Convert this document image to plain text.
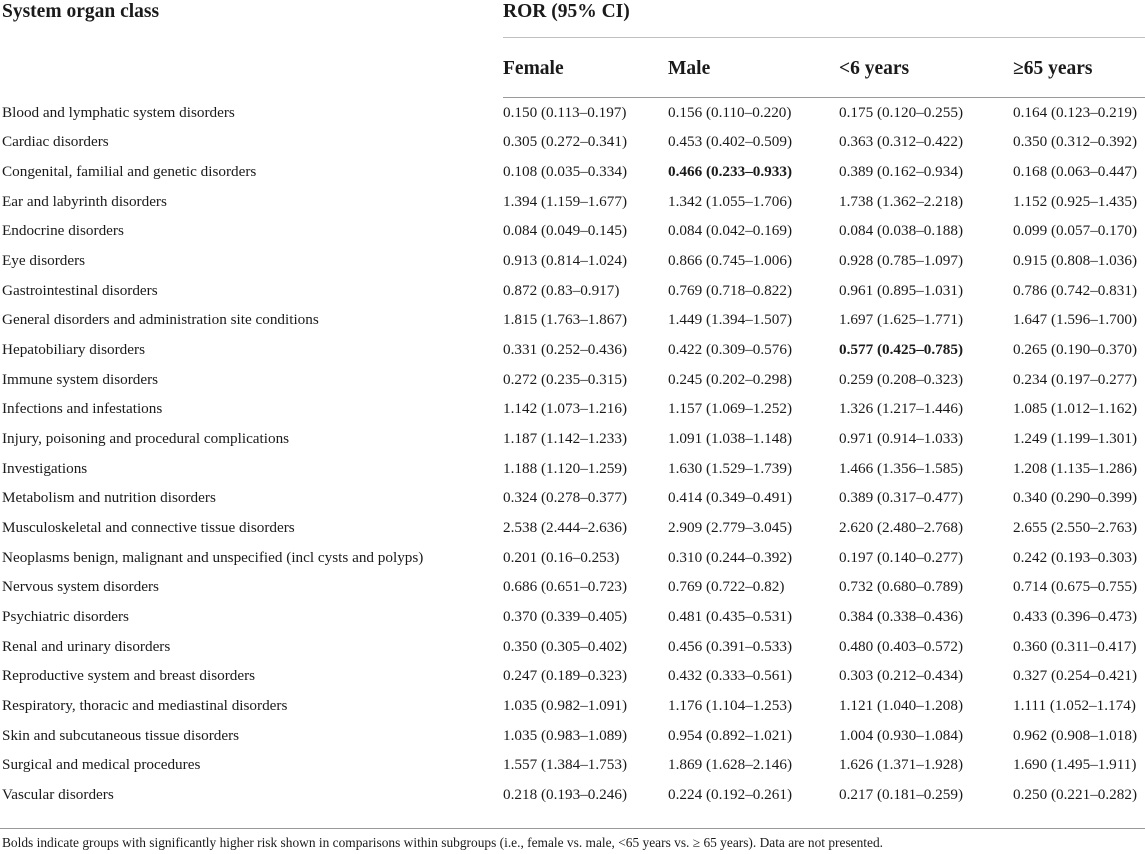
System organ class	ROR (95% CI)			
	Female	Male	<6 years	≥65 years
Blood and lymphatic system disorders	0.150 (0.113–0.197)	0.156 (0.110–0.220)	0.175 (0.120–0.255)	0.164 (0.123–0.219)
Cardiac disorders	0.305 (0.272–0.341)	0.453 (0.402–0.509)	0.363 (0.312–0.422)	0.350 (0.312–0.392)
Congenital, familial and genetic disorders	0.108 (0.035–0.334)	0.466 (0.233–0.933)	0.389 (0.162–0.934)	0.168 (0.063–0.447)
Ear and labyrinth disorders	1.394 (1.159–1.677)	1.342 (1.055–1.706)	1.738 (1.362–2.218)	1.152 (0.925–1.435)
Endocrine disorders	0.084 (0.049–0.145)	0.084 (0.042–0.169)	0.084 (0.038–0.188)	0.099 (0.057–0.170)
Eye disorders	0.913 (0.814–1.024)	0.866 (0.745–1.006)	0.928 (0.785–1.097)	0.915 (0.808–1.036)
Gastrointestinal disorders	0.872 (0.83–0.917)	0.769 (0.718–0.822)	0.961 (0.895–1.031)	0.786 (0.742–0.831)
General disorders and administration site conditions	1.815 (1.763–1.867)	1.449 (1.394–1.507)	1.697 (1.625–1.771)	1.647 (1.596–1.700)
Hepatobiliary disorders	0.331 (0.252–0.436)	0.422 (0.309–0.576)	0.577 (0.425–0.785)	0.265 (0.190–0.370)
Immune system disorders	0.272 (0.235–0.315)	0.245 (0.202–0.298)	0.259 (0.208–0.323)	0.234 (0.197–0.277)
Infections and infestations	1.142 (1.073–1.216)	1.157 (1.069–1.252)	1.326 (1.217–1.446)	1.085 (1.012–1.162)
Injury, poisoning and procedural complications	1.187 (1.142–1.233)	1.091 (1.038–1.148)	0.971 (0.914–1.033)	1.249 (1.199–1.301)
Investigations	1.188 (1.120–1.259)	1.630 (1.529–1.739)	1.466 (1.356–1.585)	1.208 (1.135–1.286)
Metabolism and nutrition disorders	0.324 (0.278–0.377)	0.414 (0.349–0.491)	0.389 (0.317–0.477)	0.340 (0.290–0.399)
Musculoskeletal and connective tissue disorders	2.538 (2.444–2.636)	2.909 (2.779–3.045)	2.620 (2.480–2.768)	2.655 (2.550–2.763)
Neoplasms benign, malignant and unspecified (incl cysts and polyps)	0.201 (0.16–0.253)	0.310 (0.244–0.392)	0.197 (0.140–0.277)	0.242 (0.193–0.303)
Nervous system disorders	0.686 (0.651–0.723)	0.769 (0.722–0.82)	0.732 (0.680–0.789)	0.714 (0.675–0.755)
Psychiatric disorders	0.370 (0.339–0.405)	0.481 (0.435–0.531)	0.384 (0.338–0.436)	0.433 (0.396–0.473)
Renal and urinary disorders	0.350 (0.305–0.402)	0.456 (0.391–0.533)	0.480 (0.403–0.572)	0.360 (0.311–0.417)
Reproductive system and breast disorders	0.247 (0.189–0.323)	0.432 (0.333–0.561)	0.303 (0.212–0.434)	0.327 (0.254–0.421)
Respiratory, thoracic and mediastinal disorders	1.035 (0.982–1.091)	1.176 (1.104–1.253)	1.121 (1.040–1.208)	1.111 (1.052–1.174)
Skin and subcutaneous tissue disorders	1.035 (0.983–1.089)	0.954 (0.892–1.021)	1.004 (0.930–1.084)	0.962 (0.908–1.018)
Surgical and medical procedures	1.557 (1.384–1.753)	1.869 (1.628–2.146)	1.626 (1.371–1.928)	1.690 (1.495–1.911)
Vascular disorders	0.218 (0.193–0.246)	0.224 (0.192–0.261)	0.217 (0.181–0.259)	0.250 (0.221–0.282)
Bolds indicate groups with significantly higher risk shown in comparisons within subgroups (i.e., female vs. male, <65 years vs. ≥ 65 years). Data are not presented.
